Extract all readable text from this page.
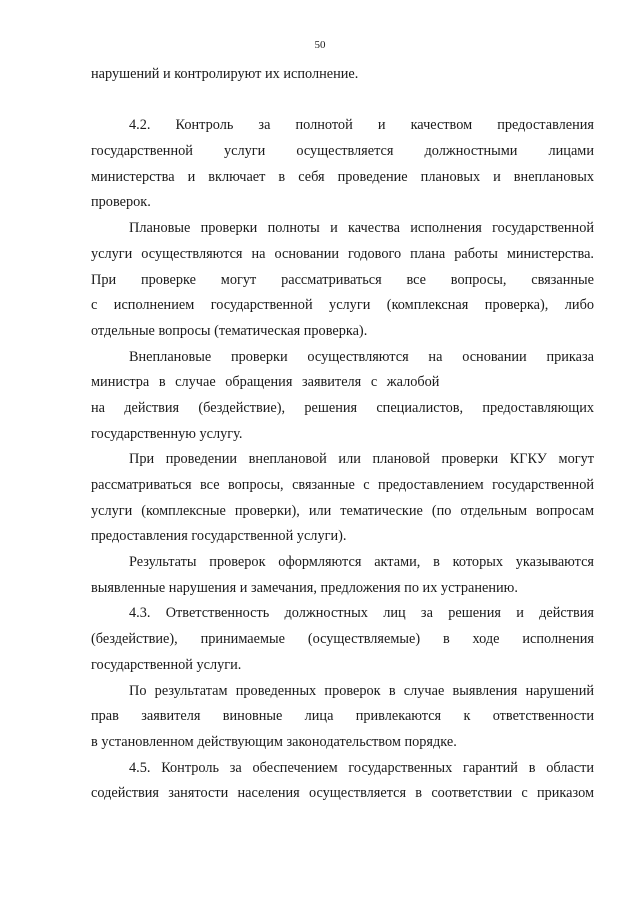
50
нарушений и контролируют их исполнение.
4.2. Контроль за полнотой и качеством предоставления
государственной услуги осуществляется должностными лицами
министерства и включает в себя проведение плановых и внеплановых
проверок.
Плановые проверки полноты и качества исполнения государственной
услуги осуществляются на основании годового плана работы министерства.
При проверке могут рассматриваться все вопросы, связанные
с исполнением государственной услуги (комплексная проверка), либо
отдельные вопросы (тематическая проверка).
Внеплановые проверки осуществляются на основании приказа
министра в случае обращения заявителя с жалобой
на действия (бездействие), решения специалистов, предоставляющих
государственную услугу.
При проведении внеплановой или плановой проверки КГКУ могут
рассматриваться все вопросы, связанные с предоставлением государственной
услуги (комплексные проверки), или тематические (по отдельным вопросам
предоставления государственной услуги).
Результаты проверок оформляются актами, в которых указываются
выявленные нарушения и замечания, предложения по их устранению.
4.3. Ответственность должностных лиц за решения и действия
(бездействие), принимаемые (осуществляемые) в ходе исполнения
государственной услуги.
По результатам проведенных проверок в случае выявления нарушений
прав заявителя виновные лица привлекаются к ответственности
в установленном действующим законодательством порядке.
4.5. Контроль за обеспечением государственных гарантий в области
содействия занятости населения осуществляется в соответствии с приказом
